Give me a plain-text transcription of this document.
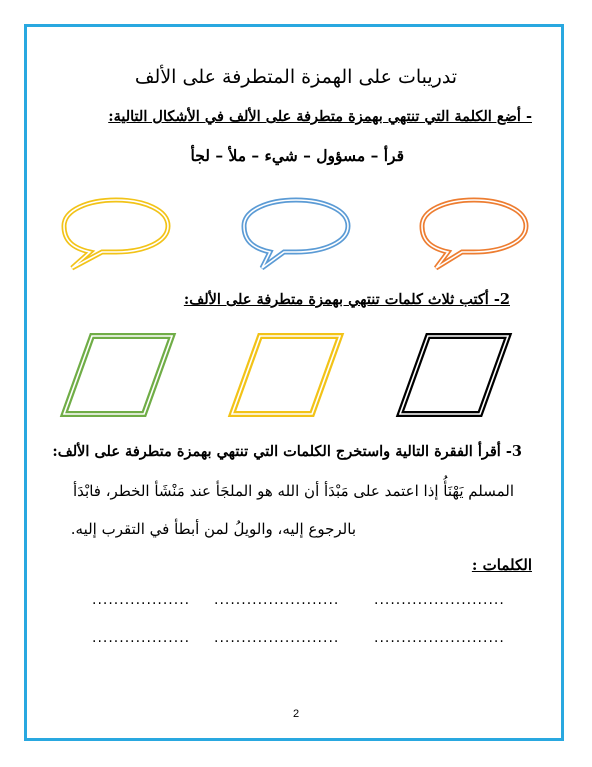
تدريبات على الهمزة المتطرفة على الألف
- أضع الكلمة التي تنتهي بهمزة متطرفة على الألف في الأشكال التالية:
قرأ – مسؤول – شيء – ملأ – لجأ
2- أكتب ثلاث كلمات تنتهي بهمزة متطرفة على الألف:
3- أقرأ الفقرة التالية واستخرج الكلمات التي تنتهي بهمزة متطرفة على الألف:
المسلم يَهْنَأُ إذا اعتمد على مَبْدَأ أن الله هو الملجَأ عند مَنْشَأ الخطر، فابْدَأ
بالرجوع إليه، والويلُ لمن أبطأ في التقرب إليه.
الكلمات :
.................. ....................... ........................
.................. ....................... ........................
2
